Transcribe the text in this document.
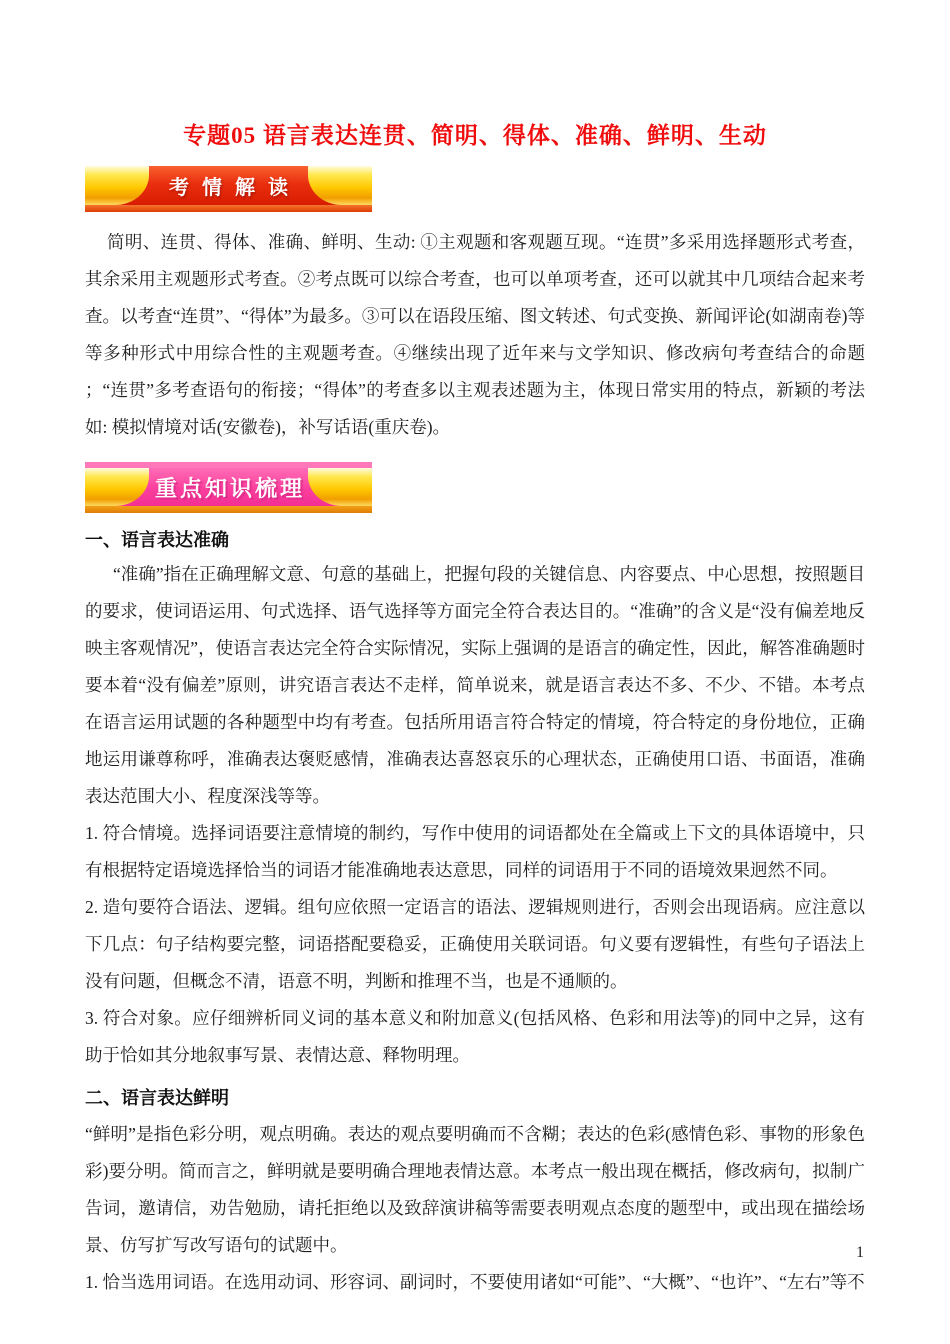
专题05 语言表达连贯、简明、得体、准确、鲜明、生动
考情解读

简明、连贯、得体、准确、鲜明、生动: ①主观题和客观题互现。“连贯”多采用选择题形式考查，其余采用主观题形式考查。②考点既可以综合考查，也可以单项考查，还可以就其中几项结合起来考查。以考查“连贯”、“得体”为最多。③可以在语段压缩、图文转述、句式变换、新闻评论(如湖南卷)等等多种形式中用综合性的主观题考查。④继续出现了近年来与文学知识、修改病句考查结合的命题 ；“连贯”多考查语句的衔接；“得体”的考查多以主观表述题为主，体现日常实用的特点，新颖的考法如: 模拟情境对话(安徽卷)，补写话语(重庆卷)。

重点知识梳理
一、语言表达准确

“准确”指在正确理解文意、句意的基础上，把握句段的关键信息、内容要点、中心思想，按照题目的要求，使词语运用、句式选择、语气选择等方面完全符合表达目的。“准确”的含义是“没有偏差地反映主客观情况”，使语言表达完全符合实际情况，实际上强调的是语言的确定性，因此，解答准确题时要本着“没有偏差”原则，讲究语言表达不走样，简单说来，就是语言表达不多、不少、不错。本考点在语言运用试题的各种题型中均有考查。包括所用语言符合特定的情境，符合特定的身份地位，正确地运用谦尊称呼，准确表达褒贬感情，准确表达喜怒哀乐的心理状态，正确使用口语、书面语，准确表达范围大小、程度深浅等等。

1. 符合情境。选择词语要注意情境的制约，写作中使用的词语都处在全篇或上下文的具体语境中，只有根据特定语境选择恰当的词语才能准确地表达意思，同样的词语用于不同的语境效果迥然不同。

2. 造句要符合语法、逻辑。组句应依照一定语言的语法、逻辑规则进行，否则会出现语病。应注意以下几点：句子结构要完整，词语搭配要稳妥，正确使用关联词语。句义要有逻辑性，有些句子语法上没有问题，但概念不清，语意不明，判断和推理不当，也是不通顺的。

3. 符合对象。应仔细辨析同义词的基本意义和附加意义(包括风格、色彩和用法等)的同中之异，这有助于恰如其分地叙事写景、表情达意、释物明理。

二、语言表达鲜明

“鲜明”是指色彩分明，观点明确。表达的观点要明确而不含糊；表达的色彩(感情色彩、事物的形象色彩)要分明。简而言之，鲜明就是要明确合理地表情达意。本考点一般出现在概括，修改病句，拟制广告词，邀请信，劝告勉励，请托拒绝以及致辞演讲稿等需要表明观点态度的题型中，或出现在描绘场景、仿写扩写改写语句的试题中。

1. 恰当选用词语。在选用动词、形容词、副词时，不要使用诸如“可能”、“大概”、“也许”、“左右”等不

1
